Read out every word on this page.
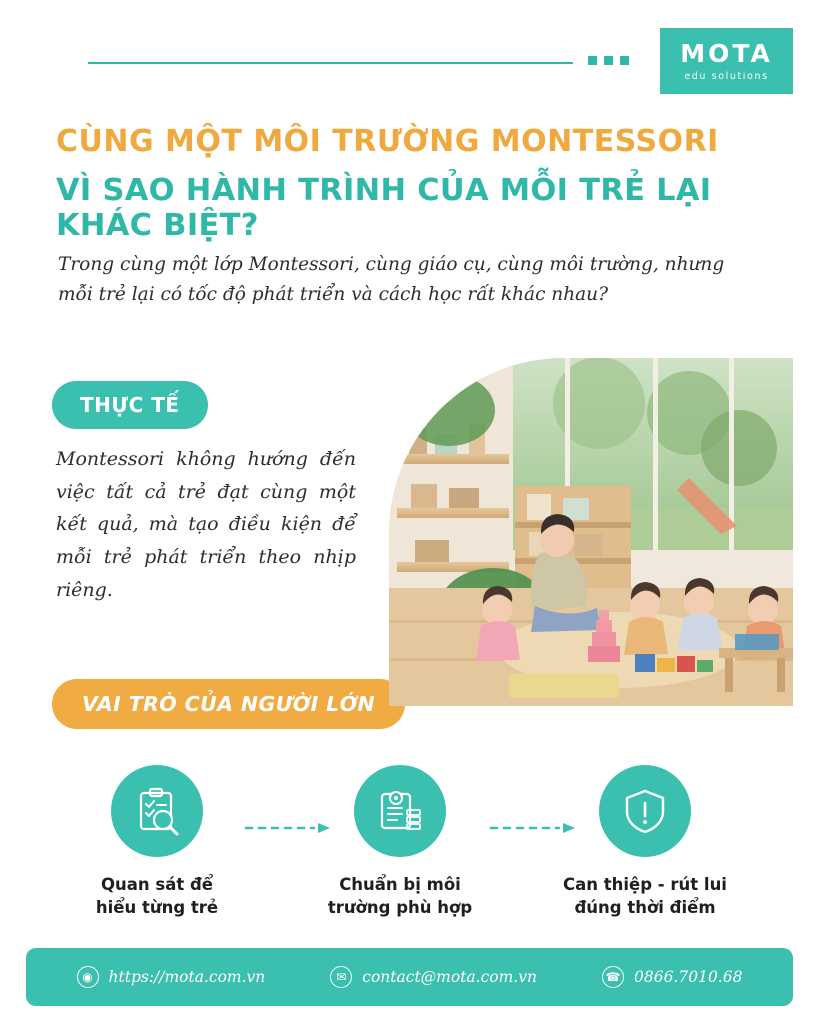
MOTA
edu solutions
CÙNG MỘT MÔI TRƯỜNG MONTESSORI
VÌ SAO HÀNH TRÌNH CỦA MỖI TRẺ LẠI KHÁC BIỆT?
Trong cùng một lớp Montessori, cùng giáo cụ, cùng môi trường, nhưng mỗi trẻ lại có tốc độ phát triển và cách học rất khác nhau?
THỰC TẾ
Montessori không hướng đến việc tất cả trẻ đạt cùng một kết quả, mà tạo điều kiện để mỗi trẻ phát triển theo nhịp riêng.
VAI TRÒ CỦA NGƯỜI LỚN
Quan sát để
hiểu từng trẻ
Chuẩn bị môi
trường phù hợp
Can thiệp - rút lui
đúng thời điểm
◉	https://mota.com.vn	✉	contact@mota.com.vn	☎ 0866.7010.68
